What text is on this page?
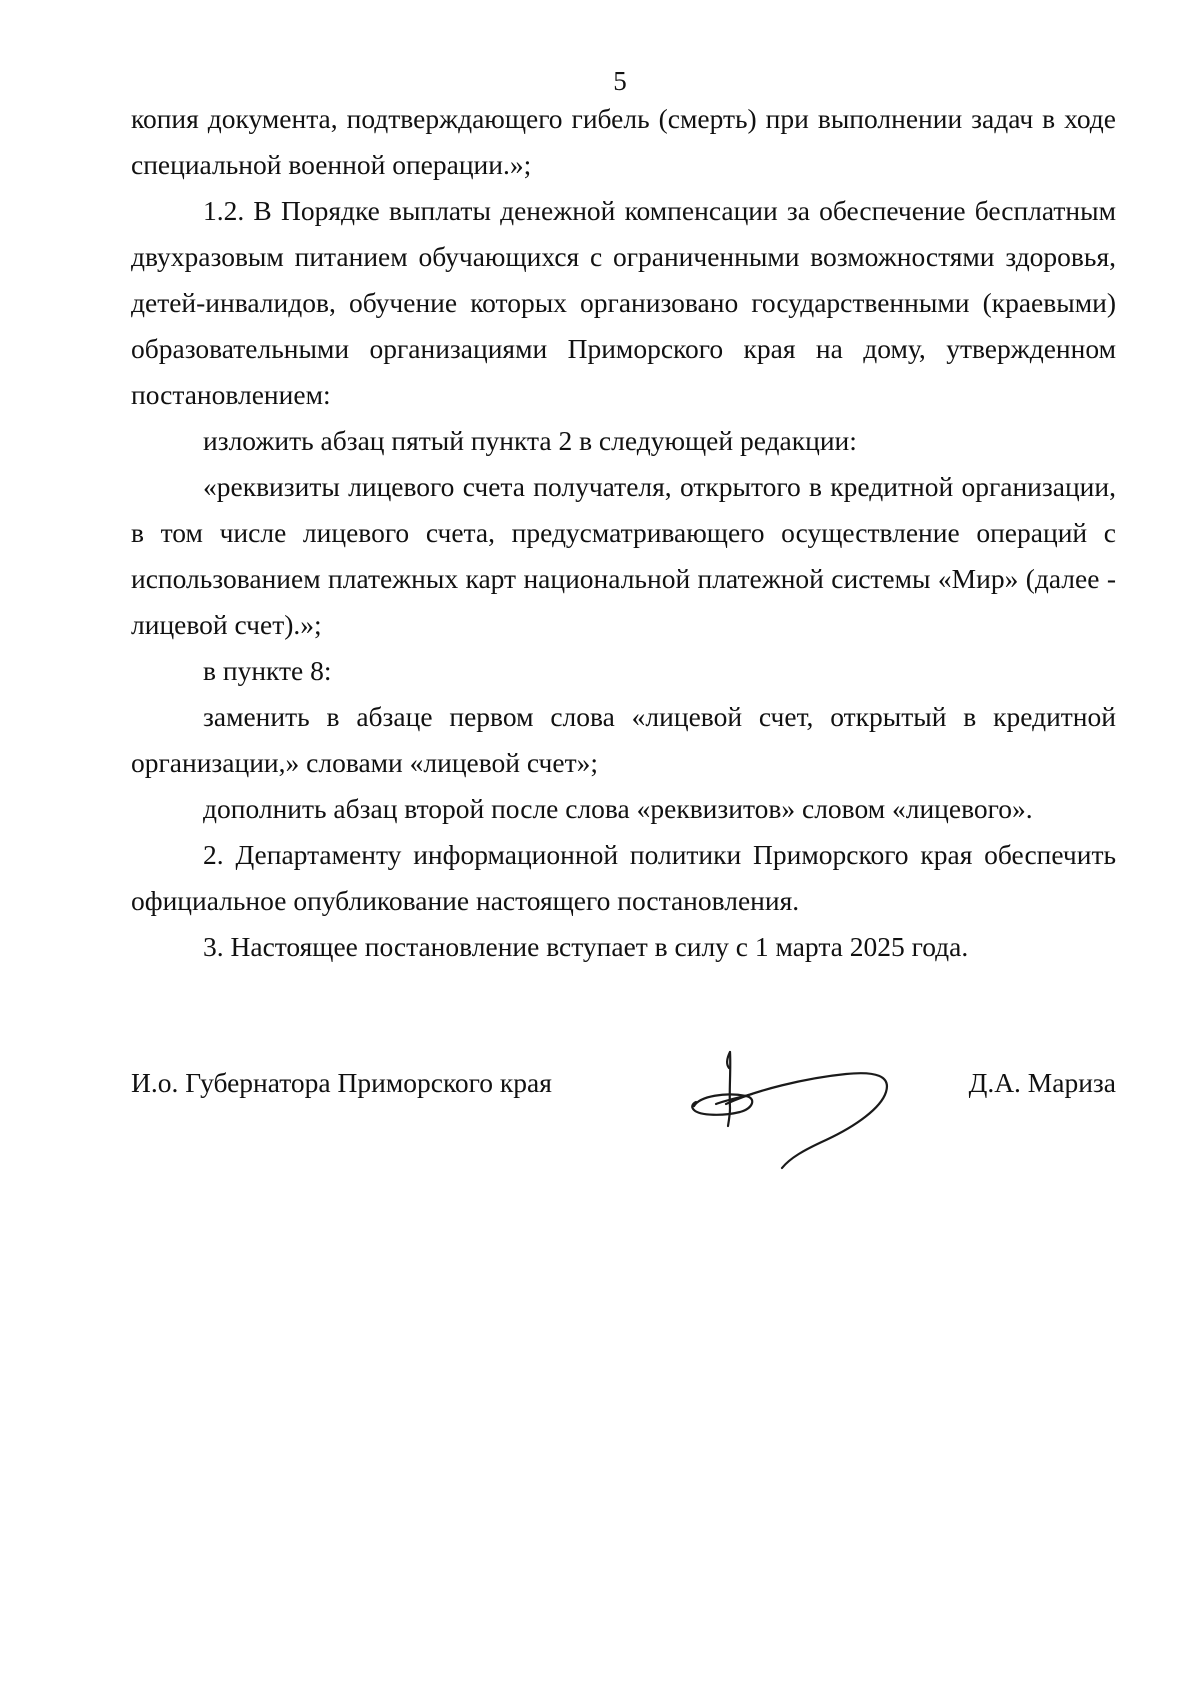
5

копия документа, подтверждающего гибель (смерть) при выполнении задач в ходе специальной военной операции.»;

1.2. В Порядке выплаты денежной компенсации за обеспечение бесплатным двухразовым питанием обучающихся с ограниченными возможностями здоровья, детей-инвалидов, обучение которых организовано государственными (краевыми) образовательными организациями Приморского края на дому, утвержденном постановлением:

изложить абзац пятый пункта 2 в следующей редакции:

«реквизиты лицевого счета получателя, открытого в кредитной организации, в том числе лицевого счета, предусматривающего осуществление операций с использованием платежных карт национальной платежной системы «Мир» (далее - лицевой счет).»;

в пункте 8:

заменить в абзаце первом слова «лицевой счет, открытый в кредитной организации,» словами «лицевой счет»;

дополнить абзац второй после слова «реквизитов» словом «лицевого».

2. Департаменту информационной политики Приморского края обеспечить официальное опубликование настоящего постановления.

3. Настоящее постановление вступает в силу с 1 марта 2025 года.

И.о. Губернатора Приморского края	Д.А. Мариза
